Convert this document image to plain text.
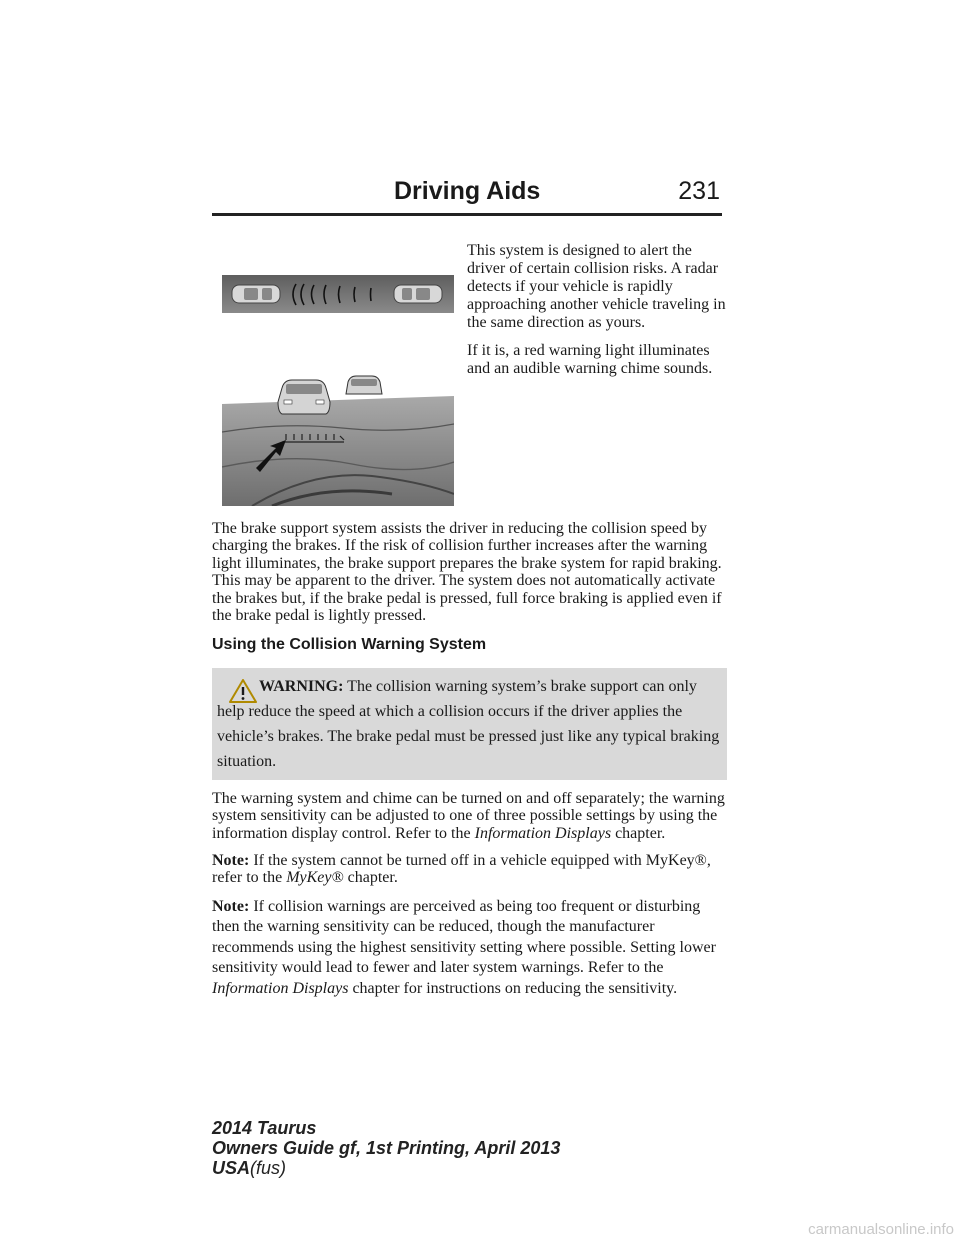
Driving Aids	231

This system is designed to alert the driver of certain collision risks. A radar detects if your vehicle is rapidly approaching another vehicle traveling in the same direction as yours.

If it is, a red warning light illuminates and an audible warning chime sounds.

The brake support system assists the driver in reducing the collision speed by charging the brakes. If the risk of collision further increases after the warning light illuminates, the brake support prepares the brake system for rapid braking. This may be apparent to the driver. The system does not automatically activate the brakes but, if the brake pedal is pressed, full force braking is applied even if the brake pedal is lightly pressed.

Using the Collision Warning System
WARNING: The collision warning system’s brake support can only help reduce the speed at which a collision occurs if the driver applies the vehicle’s brakes. The brake pedal must be pressed just like any typical braking situation.

The warning system and chime can be turned on and off separately; the warning system sensitivity can be adjusted to one of three possible settings by using the information display control. Refer to the Information Displays chapter.

Note: If the system cannot be turned off in a vehicle equipped with MyKey®, refer to the MyKey® chapter.

Note: If collision warnings are perceived as being too frequent or disturbing then the warning sensitivity can be reduced, though the manufacturer recommends using the highest sensitivity setting where possible. Setting lower sensitivity would lead to fewer and later system warnings. Refer to the Information Displays chapter for instructions on reducing the sensitivity.

2014 Taurus
Owners Guide gf, 1st Printing, April 2013
USA(fus)
carmanualsonline.info
